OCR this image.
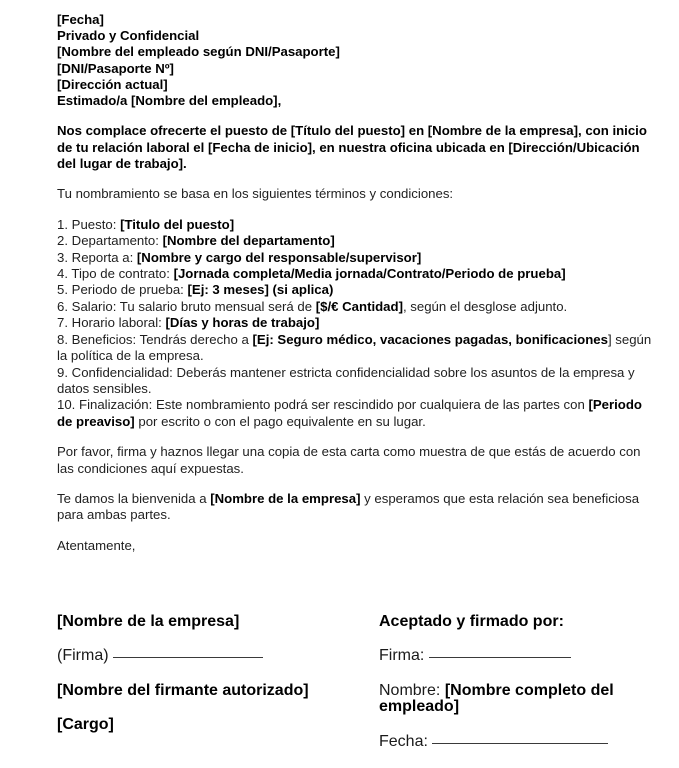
[Fecha]
Privado y Confidencial
[Nombre del empleado según DNI/Pasaporte]
[DNI/Pasaporte Nº]
[Dirección actual]
Estimado/a [Nombre del empleado],

Nos complace ofrecerte el puesto de [Título del puesto] en [Nombre de la empresa], con inicio de tu relación laboral el [Fecha de inicio], en nuestra oficina ubicada en [Dirección/Ubicación del lugar de trabajo].

Tu nombramiento se basa en los siguientes términos y condiciones:

1. Puesto: [Titulo del puesto]
2. Departamento: [Nombre del departamento]
3. Reporta a: [Nombre y cargo del responsable/supervisor]
4. Tipo de contrato: [Jornada completa/Media jornada/Contrato/Periodo de prueba]
5. Periodo de prueba: [Ej: 3 meses] (si aplica)
6. Salario: Tu salario bruto mensual será de [$/€ Cantidad], según el desglose adjunto.
7. Horario laboral: [Días y horas de trabajo]
8. Beneficios: Tendrás derecho a [Ej: Seguro médico, vacaciones pagadas, bonificaciones] según la política de la empresa.
9. Confidencialidad: Deberás mantener estricta confidencialidad sobre los asuntos de la empresa y datos sensibles.
10. Finalización: Este nombramiento podrá ser rescindido por cualquiera de las partes con [Periodo de preaviso] por escrito o con el pago equivalente en su lugar.

Por favor, firma y haznos llegar una copia de esta carta como muestra de que estás de acuerdo con las condiciones aquí expuestas.

Te damos la bienvenida a [Nombre de la empresa] y esperamos que esta relación sea beneficiosa para ambas partes.

Atentamente,

[Nombre de la empresa]

(Firma)

[Nombre del firmante autorizado]

[Cargo]

Aceptado y firmado por:

Firma:

Nombre: [Nombre completo del empleado]

Fecha:
